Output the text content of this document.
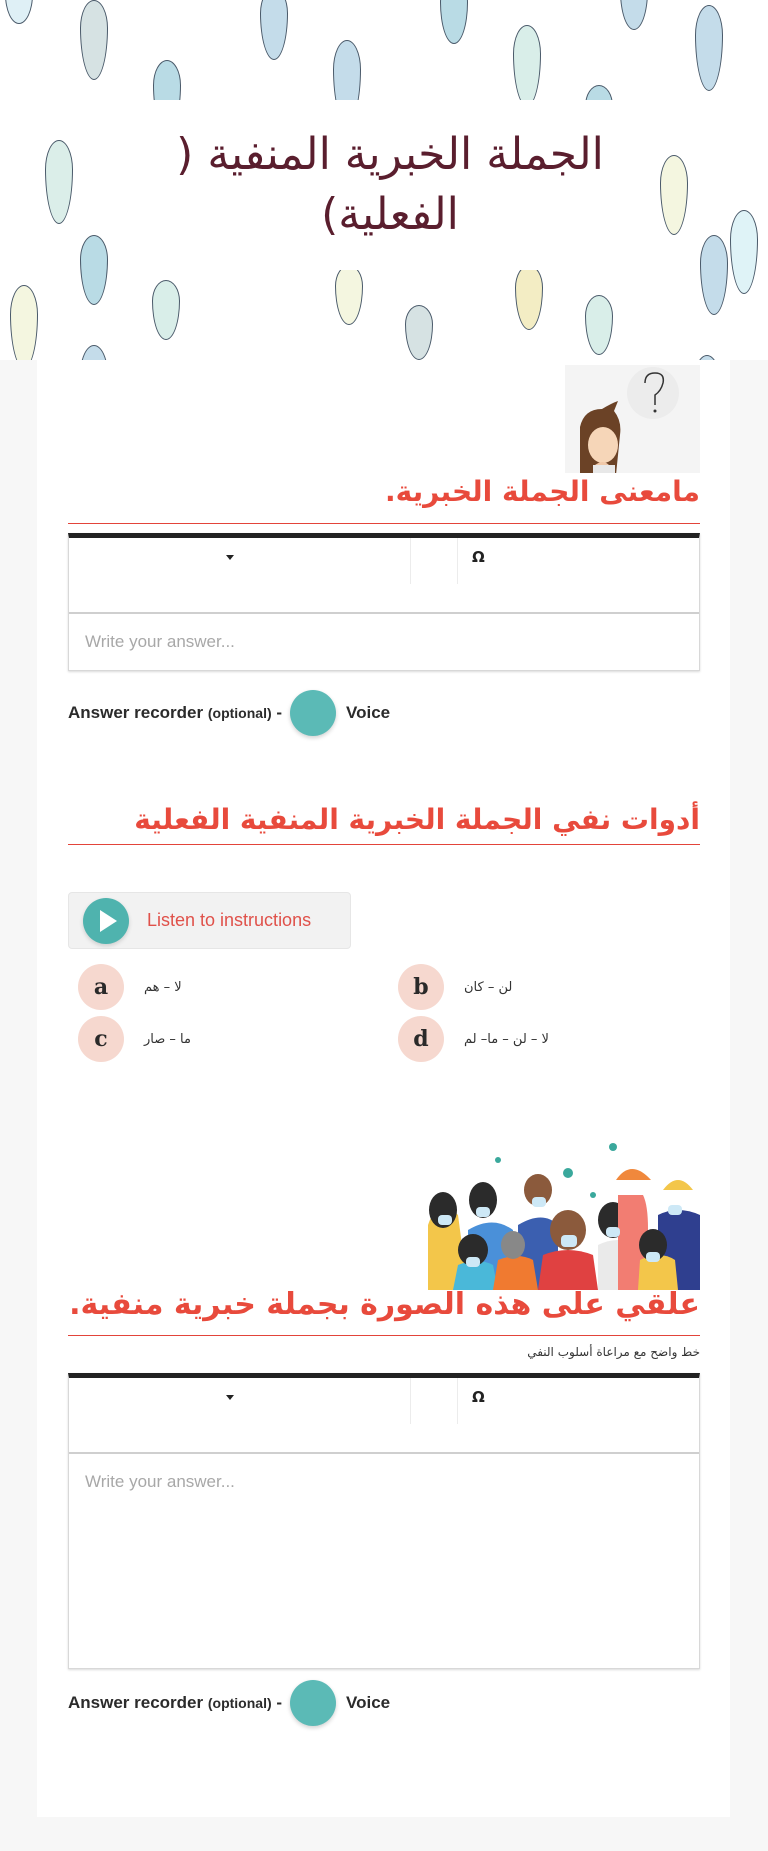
الجملة الخبرية المنفية (
الفعلية)
مامعنى الجملة الخبرية.
Ω
Write your answer...
Answer recorder (optional) -	Voice
أدوات نفي الجملة الخبرية المنفية الفعلية
Listen to instructions
a	لا – هم	b	لن – كان
c	ما – صار	d	لا – لن – ما– لم
علقي على هذه الصورة بجملة خبرية منفية.
خط واضح مع مراعاة أسلوب النفي
Ω
Write your answer...
Answer recorder (optional) -	Voice
